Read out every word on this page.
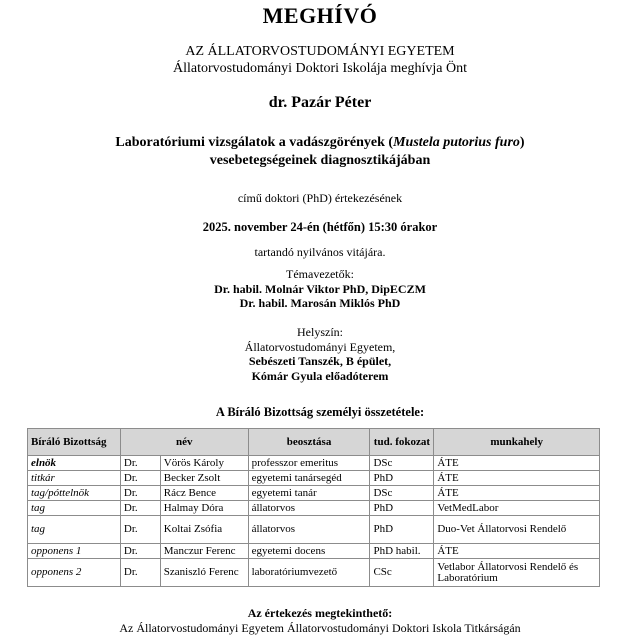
MEGHÍVÓ
AZ ÁLLATORVOSTUDOMÁNYI EGYETEM
Állatorvostudományi Doktori Iskolája meghívja Önt
dr. Pazár Péter
Laboratóriumi vizsgálatok a vadászgörények (Mustela putorius furo)
vesebetegségeinek diagnosztikájában
című doktori (PhD) értekezésének
2025. november 24-én (hétfőn) 15:30 órakor
tartandó nyilvános vitájára.
Témavezetők:
Dr. habil. Molnár Viktor PhD, DipECZM
Dr. habil. Marosán Miklós PhD
Helyszín:
Állatorvostudományi Egyetem,
Sebészeti Tanszék, B épület,
Kómár Gyula előadóterem
A Bíráló Bizottság személyi összetétele:
Bíráló Bizottság	név		beosztása	tud. fokozat	munkahely
elnök	Dr.	Vörös Károly	professzor emeritus	DSc	ÁTE
titkár	Dr.	Becker Zsolt	egyetemi tanársegéd	PhD	ÁTE
tag/póttelnök	Dr.	Rácz Bence	egyetemi tanár	DSc	ÁTE
tag	Dr.	Halmay Dóra	állatorvos	PhD	VetMedLabor
tag	Dr.	Koltai Zsófia	állatorvos	PhD	Duo-Vet Állatorvosi Rendelő
opponens 1	Dr.	Manczur Ferenc	egyetemi docens	PhD habil.	ÁTE
opponens 2	Dr.	Szaniszló Ferenc	laboratóriumvezető	CSc	Vetlabor Állatorvosi Rendelő és Laboratórium
Az értekezés megtekinthető:
Az Állatorvostudományi Egyetem Állatorvostudományi Doktori Iskola Titkárságán
